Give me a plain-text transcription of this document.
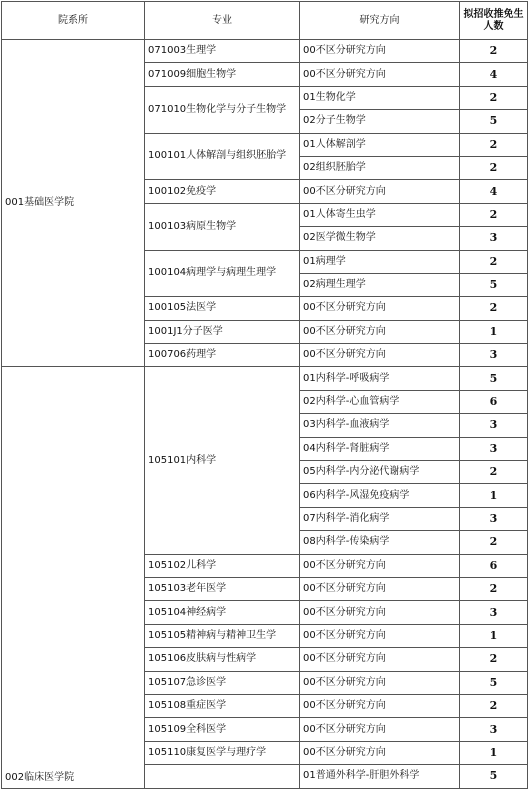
院系所	专业	研究方向	拟招收推免生人数
001基础医学院	071003生理学	00不区分研究方向	2
	071009细胞生物学	00不区分研究方向	4
	071010生物化学与分子生物学	01生物化学	2
		02分子生物学	5
	100101人体解剖与组织胚胎学	01人体解剖学	2
		02组织胚胎学	2
	100102免疫学	00不区分研究方向	4
	100103病原生物学	01人体寄生虫学	2
		02医学微生物学	3
	100104病理学与病理生理学	01病理学	2
		02病理生理学	5
	100105法医学	00不区分研究方向	2
	1001J1分子医学	00不区分研究方向	1
	100706药理学	00不区分研究方向	3
002临床医学院	105101内科学	01内科学-呼吸病学	5
		02内科学-心血管病学	6
		03内科学-血液病学	3
		04内科学-肾脏病学	3
		05内科学-内分泌代谢病学	2
		06内科学-风湿免疫病学	1
		07内科学-消化病学	3
		08内科学-传染病学	2
	105102儿科学	00不区分研究方向	6
	105103老年医学	00不区分研究方向	2
	105104神经病学	00不区分研究方向	3
	105105精神病与精神卫生学	00不区分研究方向	1
	105106皮肤病与性病学	00不区分研究方向	2
	105107急诊医学	00不区分研究方向	5
	105108重症医学	00不区分研究方向	2
	105109全科医学	00不区分研究方向	3
	105110康复医学与理疗学	00不区分研究方向	1
		01普通外科学-肝胆外科学	5
